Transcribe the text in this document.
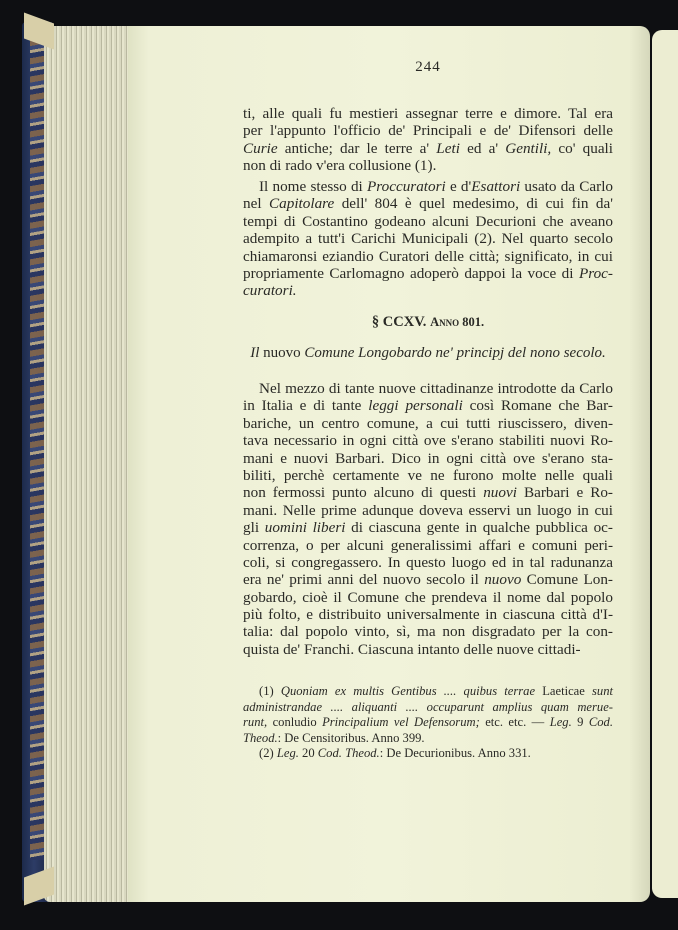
244
ti, alle quali fu mestieri assegnar terre e dimore. Tal era
per l'appunto l'officio de' Principali e de' Difensori delle
Curie antiche; dar le terre a' Leti ed a' Gentili, co' quali
non di rado v'era collusione (1).
Il nome stesso di Proccuratori e d'Esattori usato da Carlo
nel Capitolare dell' 804 è quel medesimo, di cui fin da'
tempi di Costantino godeano alcuni Decurioni che aveano
adempito a tutt'i Carichi Municipali (2). Nel quarto secolo
chiamaronsi eziandio Curatori delle città; significato, in cui
propriamente Carlomagno adoperò dappoi la voce di Proc-
curatori.
§ CCXV. Anno 801.
Il nuovo Comune Longobardo ne' principj del nono secolo.
Nel mezzo di tante nuove cittadinanze introdotte da Carlo
in Italia e di tante leggi personali così Romane che Bar-
bariche, un centro comune, a cui tutti riuscissero, diven-
tava necessario in ogni città ove s'erano stabiliti nuovi Ro-
mani e nuovi Barbari. Dico in ogni città ove s'erano sta-
biliti, perchè certamente ve ne furono molte nelle quali
non fermossi punto alcuno di questi nuovi Barbari e Ro-
mani. Nelle prime adunque doveva esservi un luogo in cui
gli uomini liberi di ciascuna gente in qualche pubblica oc-
correnza, o per alcuni generalissimi affari e comuni peri-
coli, si congregassero. In questo luogo ed in tal radunanza
era ne' primi anni del nuovo secolo il nuovo Comune Lon-
gobardo, cioè il Comune che prendeva il nome dal popolo
più folto, e distribuito universalmente in ciascuna città d'I-
talia: dal popolo vinto, sì, ma non disgradato per la con-
quista de' Franchi. Ciascuna intanto delle nuove cittadi-
(1) Quoniam ex multis Gentibus .... quibus terrae Laeticae sunt
administrandae .... aliquanti .... occuparunt amplius quam merue-
runt, conludio Principalium vel Defensorum; etc. etc. — Leg. 9 Cod.
Theod.: De Censitoribus. Anno 399.
(2) Leg. 20 Cod. Theod.: De Decurionibus. Anno 331.
